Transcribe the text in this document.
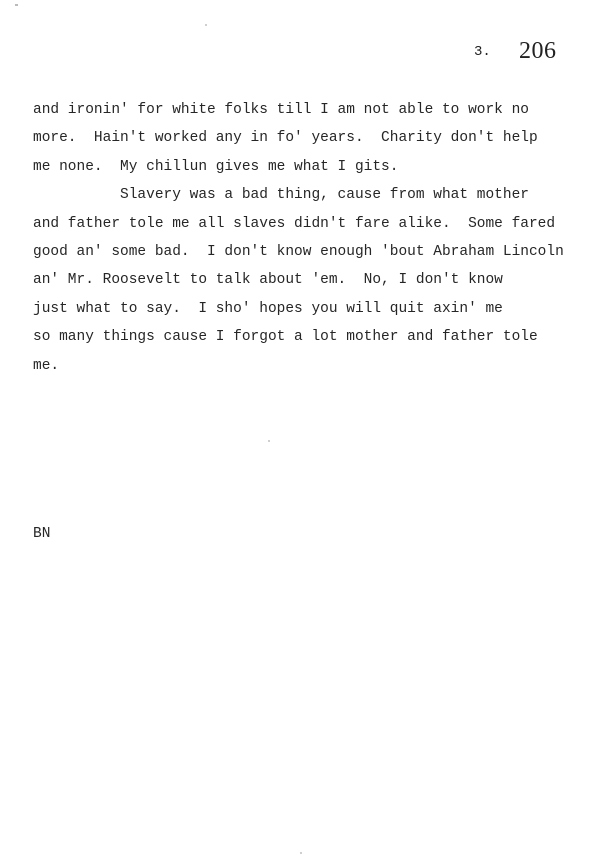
3. 206
and ironin' for white folks till I am not able to work no
more.  Hain't worked any in fo' years.  Charity don't help
me none.  My chillun gives me what I gits.
Slavery was a bad thing, cause from what mother
and father tole me all slaves didn't fare alike.  Some fared
good an' some bad.  I don't know enough 'bout Abraham Lincoln
an' Mr. Roosevelt to talk about 'em.  No, I don't know
just what to say.  I sho' hopes you will quit axin' me
so many things cause I forgot a lot mother and father tole
me.
BN
